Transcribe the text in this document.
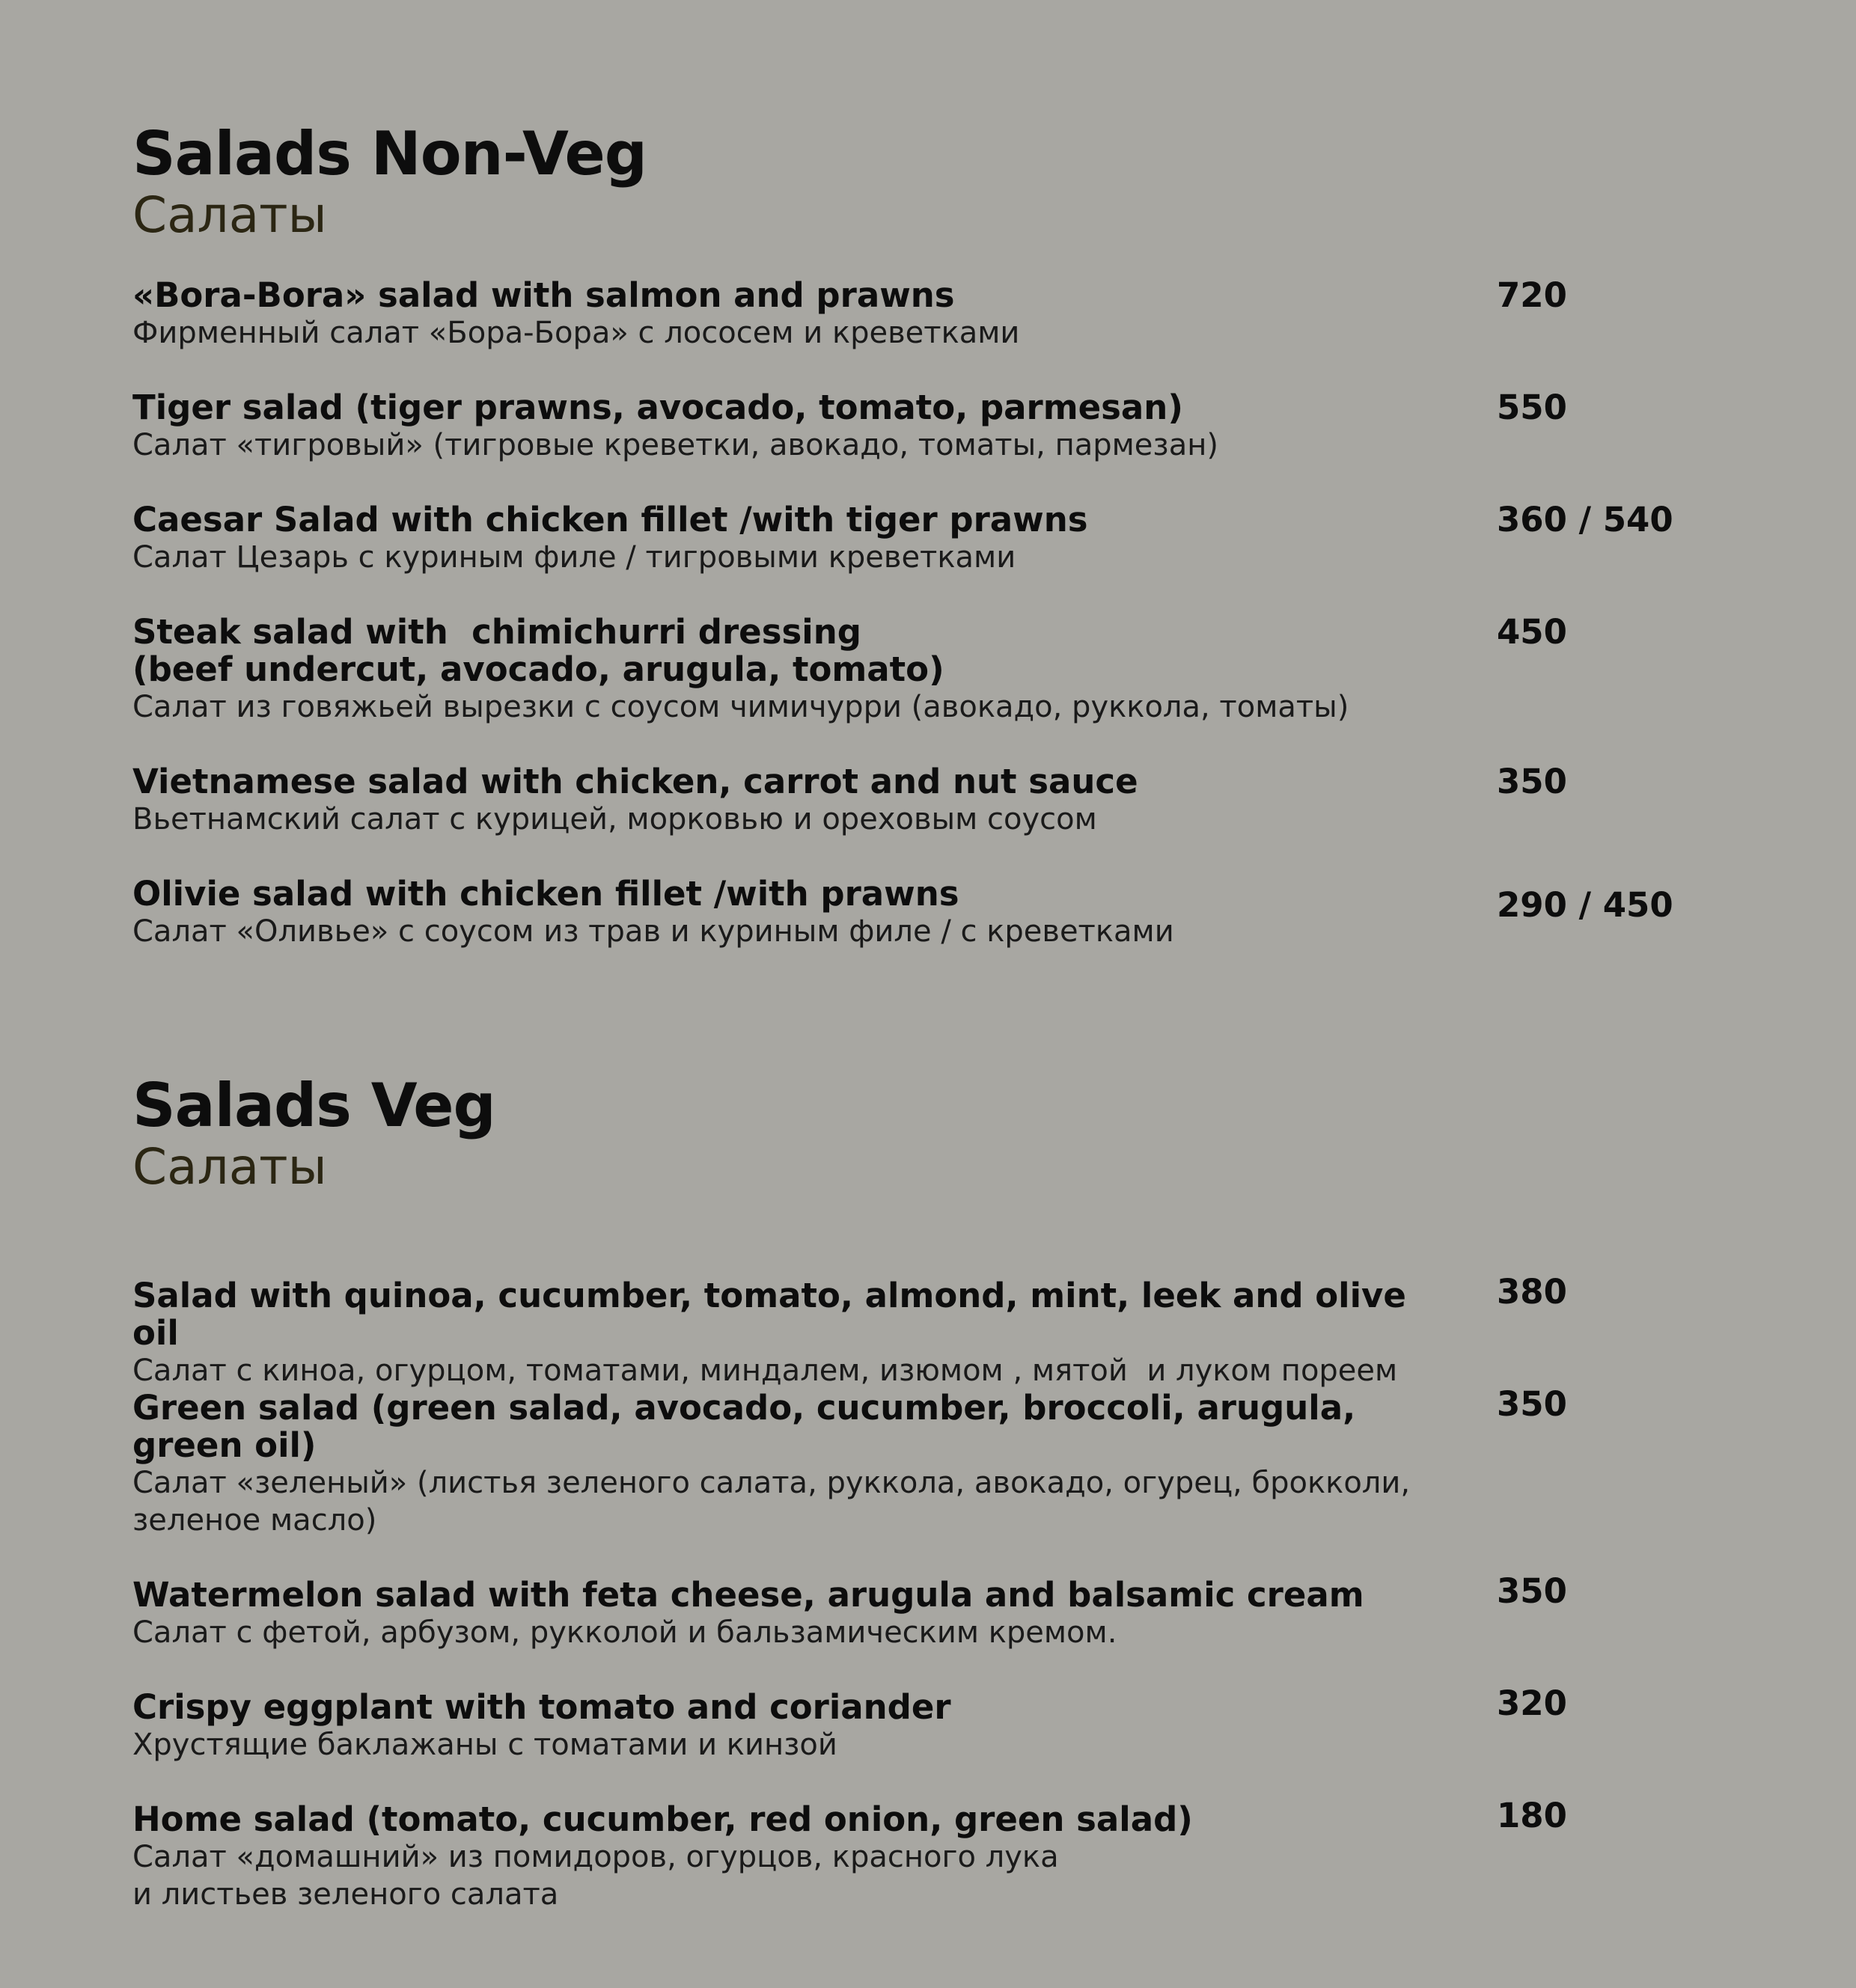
Salads Non-Veg
Салаты
«Bora-Bora» salad with salmon and prawns
Фирменный салат «Бора-Бора» с лососем и креветками
720
Tiger salad (tiger prawns, avocado, tomato, parmesan)
Салат «тигровый» (тигровые креветки, авокадо, томаты, пармезан)
550
Caesar Salad with chicken fillet /with tiger prawns
Салат Цезарь с куриным филе / тигровыми креветками
360 / 540
Steak salad with  chimichurri dressing
(beef undercut, avocado, arugula, tomato)
Салат из говяжьей вырезки с соусом чимичурри (авокадо, руккола, томаты)
450
Vietnamese salad with chicken, carrot and nut sauce
Вьетнамский салат с курицей, морковью и ореховым соусом
350
Olivie salad with chicken fillet /with prawns
Салат «Оливье» с соусом из трав и куриным филе / с креветками
290 / 450
Salads Veg
Салаты
Salad with quinoa, cucumber, tomato, almond, mint, leek and olive oil
Салат с киноа, огурцом, томатами, миндалем, изюмом , мятой  и луком пореем
380
Green salad (green salad, avocado, cucumber, broccoli, arugula,
green oil)
Салат «зеленый» (листья зеленого салата, руккола, авокадо, огурец, брокколи,
зеленое масло)
350
Watermelon salad with feta cheese, arugula and balsamic cream
Салат с фетой, арбузом, рукколой и бальзамическим кремом.
350
Crispy eggplant with tomato and coriander
Хрустящие баклажаны с томатами и кинзой
320
Home salad (tomato, cucumber, red onion, green salad)
Салат «домашний» из помидоров, огурцов, красного лука
и листьев зеленого салата
180
